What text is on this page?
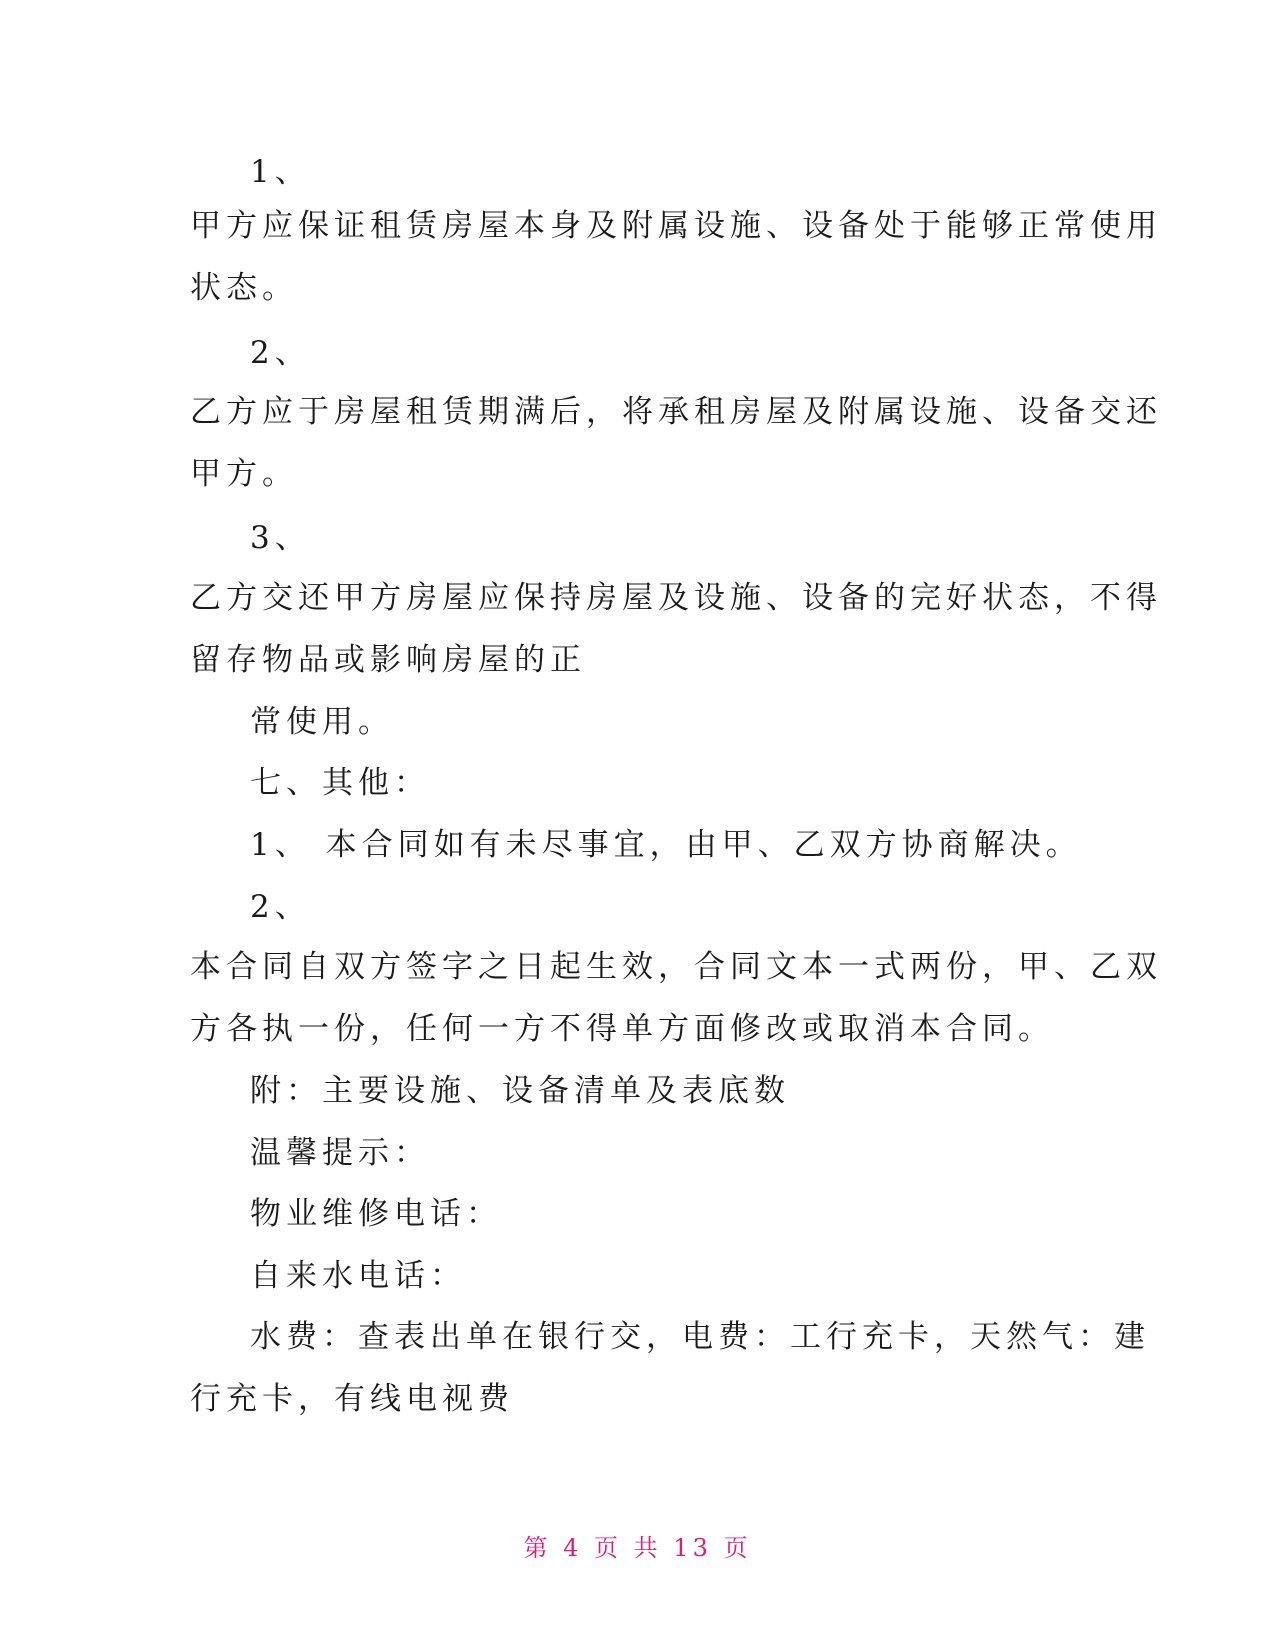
1、
甲方应保证租赁房屋本身及附属设施、设备处于能够正常使用
状态。
2、
乙方应于房屋租赁期满后，将承租房屋及附属设施、设备交还
甲方。
3、
乙方交还甲方房屋应保持房屋及设施、设备的完好状态，不得
留存物品或影响房屋的正
常使用。
七、其他：
1、 本合同如有未尽事宜，由甲、乙双方协商解决。
2、
本合同自双方签字之日起生效，合同文本一式两份，甲、乙双
方各执一份，任何一方不得单方面修改或取消本合同。
附：主要设施、设备清单及表底数
温馨提示：
物业维修电话：
自来水电话：
水费：查表出单在银行交，电费：工行充卡，天然气：建
行充卡，有线电视费
第 4 页 共 13 页
